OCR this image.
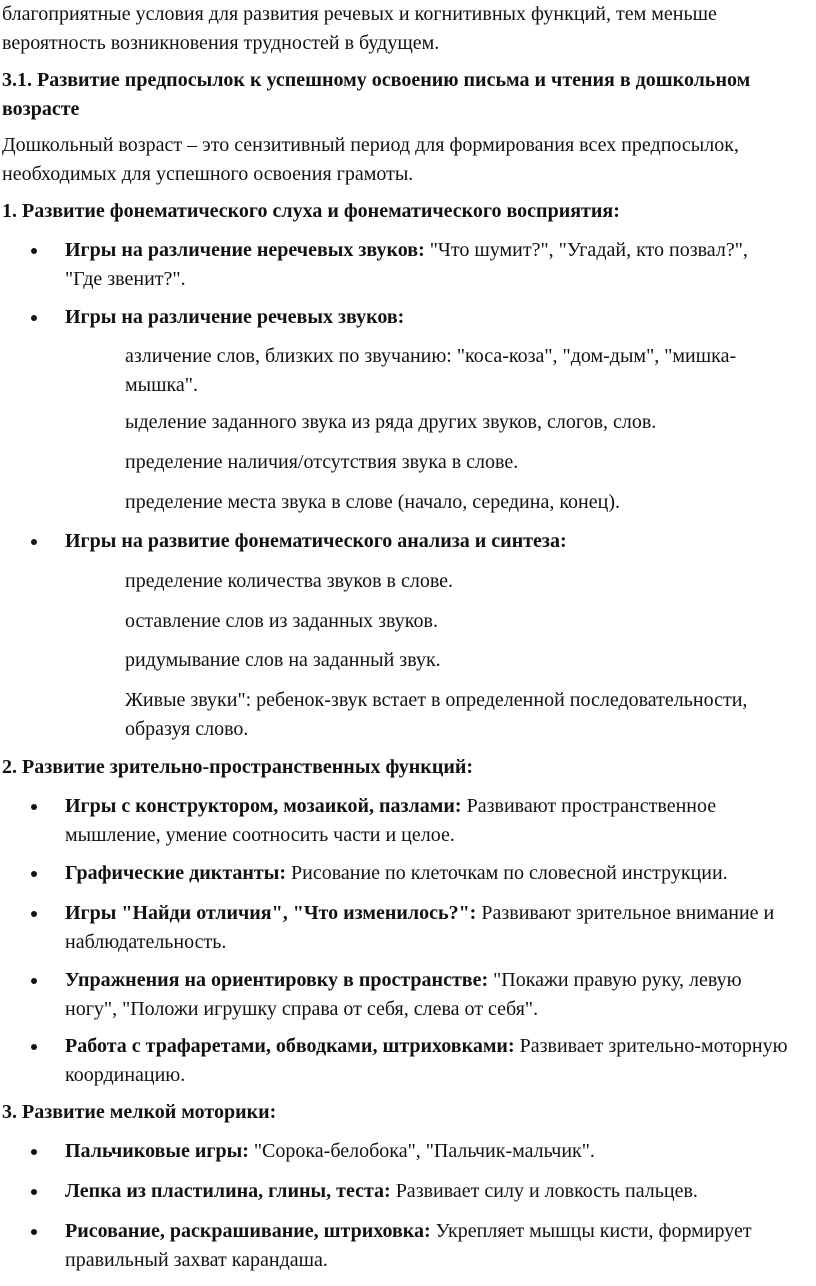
благоприятные условия для развития речевых и когнитивных функций, тем меньше вероятность возникновения трудностей в будущем.

3.1. Развитие предпосылок к успешному освоению письма и чтения в дошкольном возрасте

Дошкольный возраст – это сензитивный период для формирования всех предпосылок, необходимых для успешного освоения грамоты.

1. Развитие фонематического слуха и фонематического восприятия:

Игры на различение неречевых звуков: "Что шумит?", "Угадай, кто позвал?", "Где звенит?".
Игры на различение речевых звуков:

азличение слов, близких по звучанию: "коса-коза", "дом-дым", "мишка-мышка".

ыделение заданного звука из ряда других звуков, слогов, слов.

пределение наличия/отсутствия звука в слове.

пределение места звука в слове (начало, середина, конец).

Игры на развитие фонематического анализа и синтеза:

пределение количества звуков в слове.

оставление слов из заданных звуков.

ридумывание слов на заданный звук.

Живые звуки": ребенок-звук встает в определенной последовательности, образуя слово.

2. Развитие зрительно-пространственных функций:

Игры с конструктором, мозаикой, пазлами: Развивают пространственное мышление, умение соотносить части и целое.
Графические диктанты: Рисование по клеточкам по словесной инструкции.
Игры "Найди отличия", "Что изменилось?": Развивают зрительное внимание и наблюдательность.
Упражнения на ориентировку в пространстве: "Покажи правую руку, левую ногу", "Положи игрушку справа от себя, слева от себя".
Работа с трафаретами, обводками, штриховками: Развивает зрительно-моторную координацию.

3. Развитие мелкой моторики:

Пальчиковые игры: "Сорока-белобока", "Пальчик-мальчик".
Лепка из пластилина, глины, теста: Развивает силу и ловкость пальцев.
Рисование, раскрашивание, штриховка: Укрепляет мышцы кисти, формирует правильный захват карандаша.
